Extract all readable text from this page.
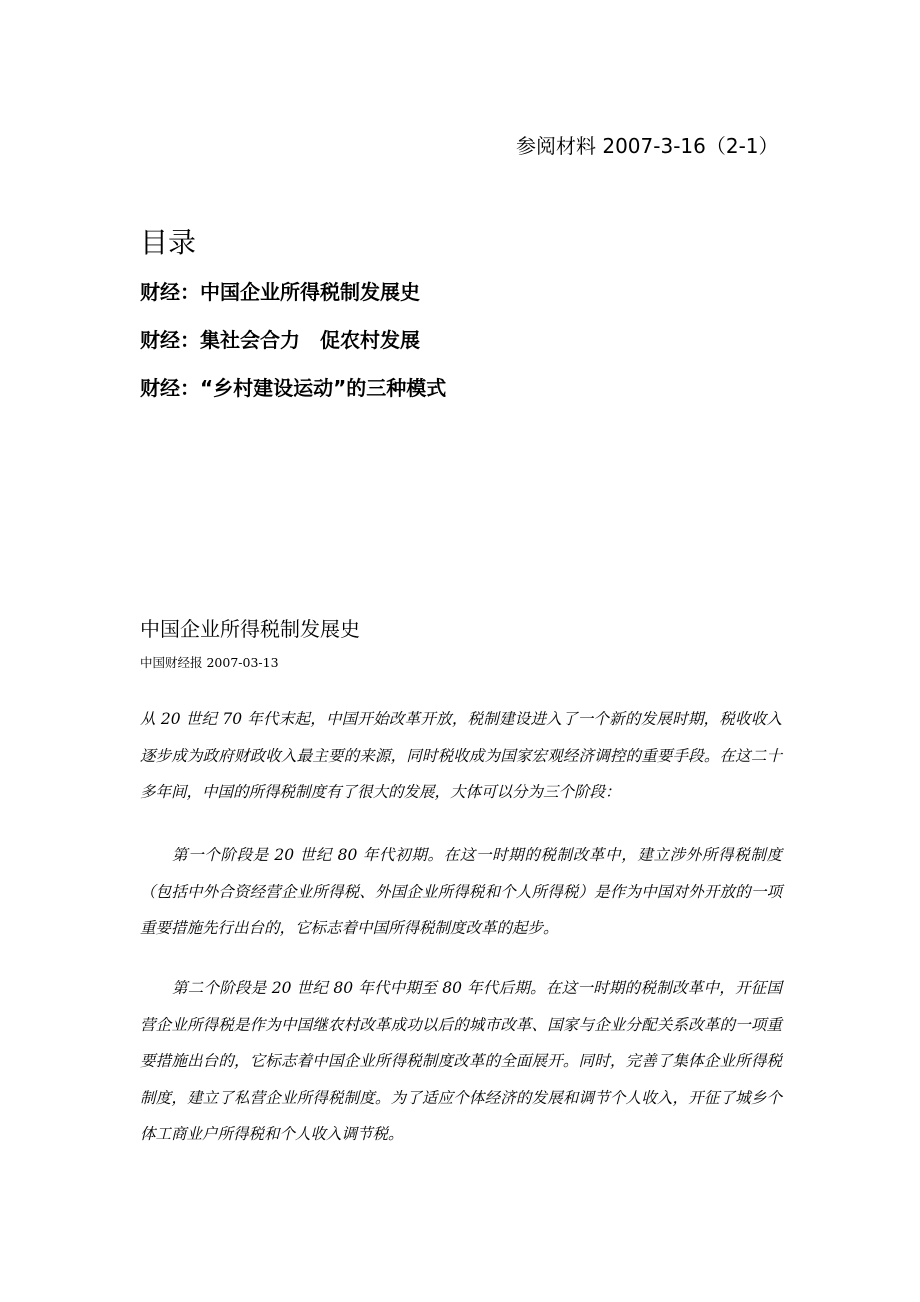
参阅材料 2007-3-16（2-1）
目录
财经：中国企业所得税制发展史
财经：集社会合力　促农村发展
财经：“乡村建设运动”的三种模式
中国企业所得税制发展史
中国财经报 2007-03-13

从 20 世纪 70 年代末起，中国开始改革开放，税制建设进入了一个新的发展时期，税收收入逐步成为政府财政收入最主要的来源，同时税收成为国家宏观经济调控的重要手段。在这二十多年间，中国的所得税制度有了很大的发展，大体可以分为三个阶段：

第一个阶段是 20 世纪 80 年代初期。在这一时期的税制改革中，建立涉外所得税制度（包括中外合资经营企业所得税、外国企业所得税和个人所得税）是作为中国对外开放的一项重要措施先行出台的，它标志着中国所得税制度改革的起步。

第二个阶段是 20 世纪 80 年代中期至 80 年代后期。在这一时期的税制改革中，开征国营企业所得税是作为中国继农村改革成功以后的城市改革、国家与企业分配关系改革的一项重要措施出台的，它标志着中国企业所得税制度改革的全面展开。同时，完善了集体企业所得税制度，建立了私营企业所得税制度。为了适应个体经济的发展和调节个人收入，开征了城乡个体工商业户所得税和个人收入调节税。
